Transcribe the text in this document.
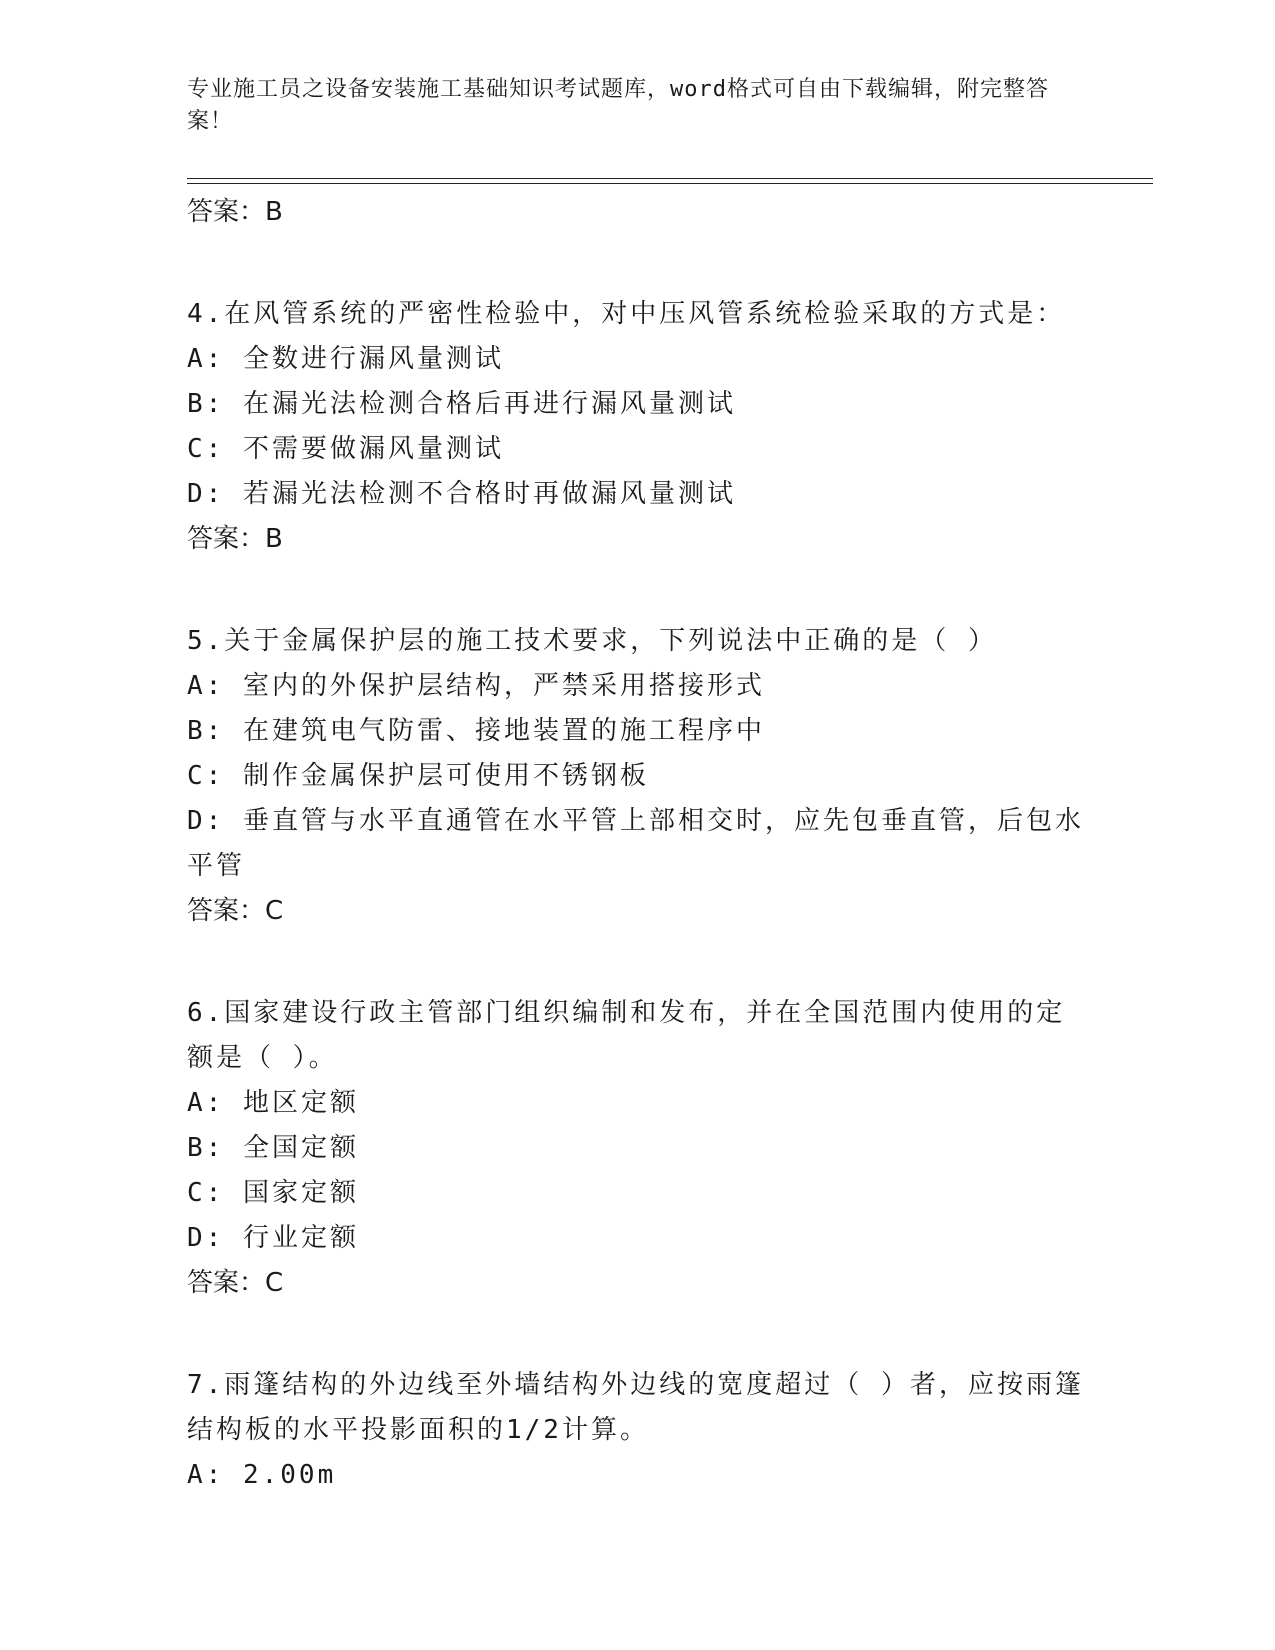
专业施工员之设备安装施工基础知识考试题库，word格式可自由下载编辑，附完整答案！
答案：B
4.在风管系统的严密性检验中，对中压风管系统检验采取的方式是：
A: 全数进行漏风量测试
B: 在漏光法检测合格后再进行漏风量测试
C: 不需要做漏风量测试
D: 若漏光法检测不合格时再做漏风量测试
答案：B
5.关于金属保护层的施工技术要求，下列说法中正确的是（ ）
A: 室内的外保护层结构，严禁采用搭接形式
B: 在建筑电气防雷、接地装置的施工程序中
C: 制作金属保护层可使用不锈钢板
D: 垂直管与水平直通管在水平管上部相交时，应先包垂直管，后包水平管
答案：C
6.国家建设行政主管部门组织编制和发布，并在全国范围内使用的定额是（ ）。
A: 地区定额
B: 全国定额
C: 国家定额
D: 行业定额
答案：C
7.雨篷结构的外边线至外墙结构外边线的宽度超过（ ）者，应按雨篷结构板的水平投影面积的1/2计算。
A: 2.00m
